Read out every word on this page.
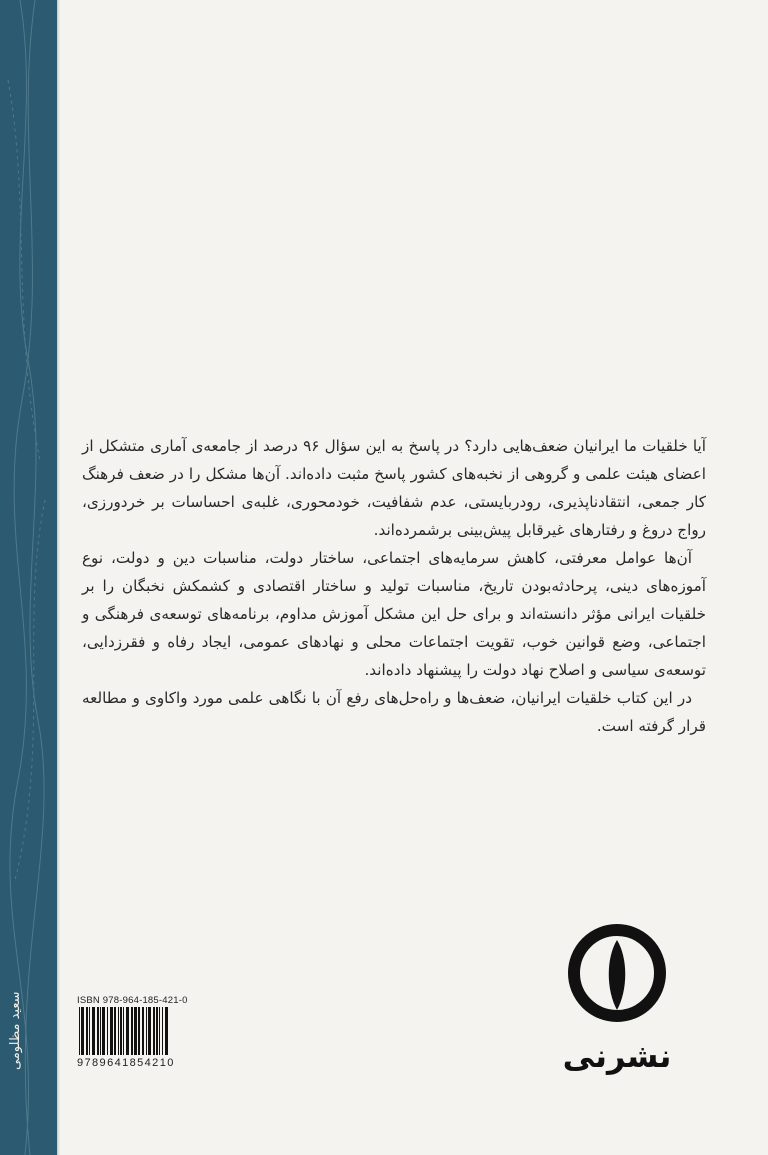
سعید مظلومی

آیا خلقیات ما ایرانیان ضعف‌هایی دارد؟ در پاسخ به این سؤال ۹۶ درصد از جامعه‌ی آماری متشکل از اعضای هیئت علمی و گروهی از نخبه‌های کشور پاسخ مثبت داده‌اند. آن‌ها مشکل را در ضعف فرهنگ کار جمعی، انتقادناپذیری، رودربایستی، عدم شفافیت، خودمحوری، غلبه‌ی احساسات بر خردورزی، رواج دروغ و رفتارهای غیرقابل پیش‌بینی برشمرده‌اند.

آن‌ها عوامل معرفتی، کاهش سرمایه‌های اجتماعی، ساختار دولت، مناسبات دین و دولت، نوع آموزه‌های دینی، پرحادثه‌بودن تاریخ، مناسبات تولید و ساختار اقتصادی و کشمکش نخبگان را بر خلقیات ایرانی مؤثر دانسته‌اند و برای حل این مشکل آموزش مداوم، برنامه‌های توسعه‌ی فرهنگی و اجتماعی، وضع قوانین خوب، تقویت اجتماعات محلی و نهادهای عمومی، ایجاد رفاه و فقرزدایی، توسعه‌ی سیاسی و اصلاح نهاد دولت را پیشنهاد داده‌اند.

در این کتاب خلقیات ایرانیان، ضعف‌ها و راه‌حل‌های رفع آن با نگاهی علمی مورد واکاوی و مطالعه قرار گرفته است.

ISBN 978-964-185-421-0
9789641854210	نشرنی
